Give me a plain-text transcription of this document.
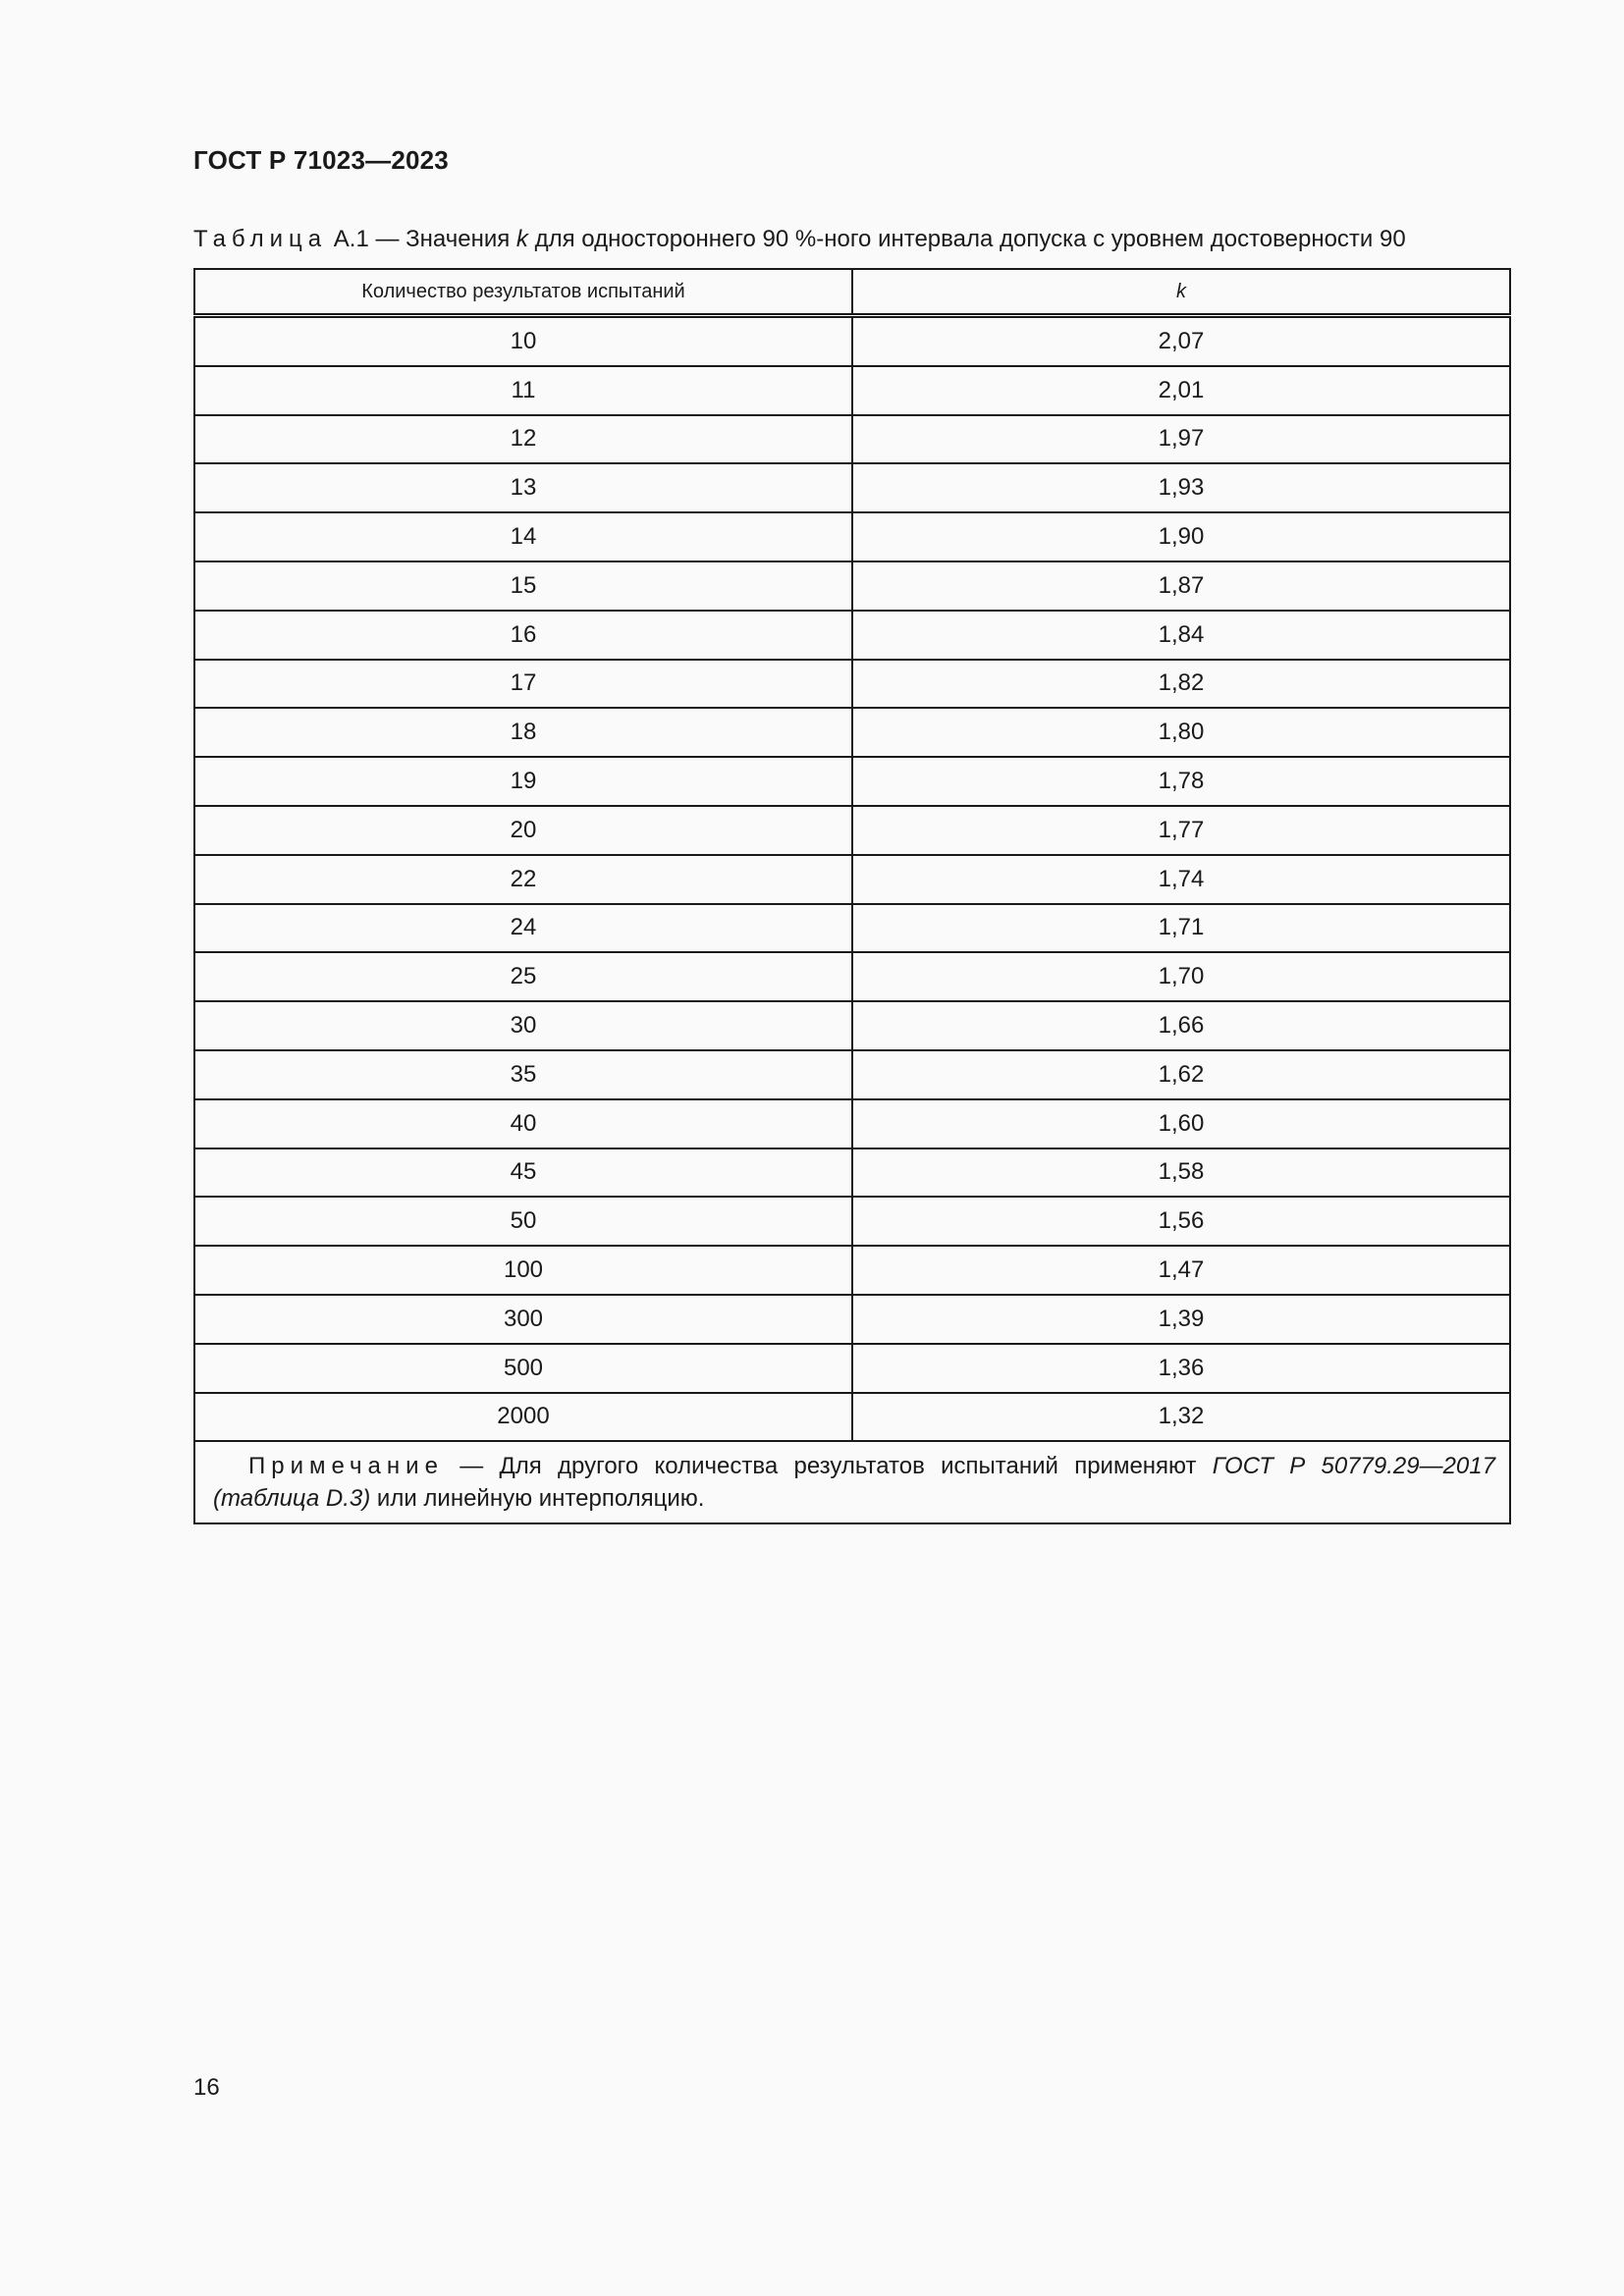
ГОСТ Р 71023—2023
Таблица А.1 — Значения k для одностороннего 90 %-ного интервала допуска с уровнем достоверности 90
Количество результатов испытаний	k
10	2,07
11	2,01
12	1,97
13	1,93
14	1,90
15	1,87
16	1,84
17	1,82
18	1,80
19	1,78
20	1,77
22	1,74
24	1,71
25	1,70
30	1,66
35	1,62
40	1,60
45	1,58
50	1,56
100	1,47
300	1,39
500	1,36
2000	1,32
Примечание — Для другого количества результатов испытаний применяют ГОСТ Р 50779.29—2017 (таблица D.3) или линейную интерполяцию.	
16
